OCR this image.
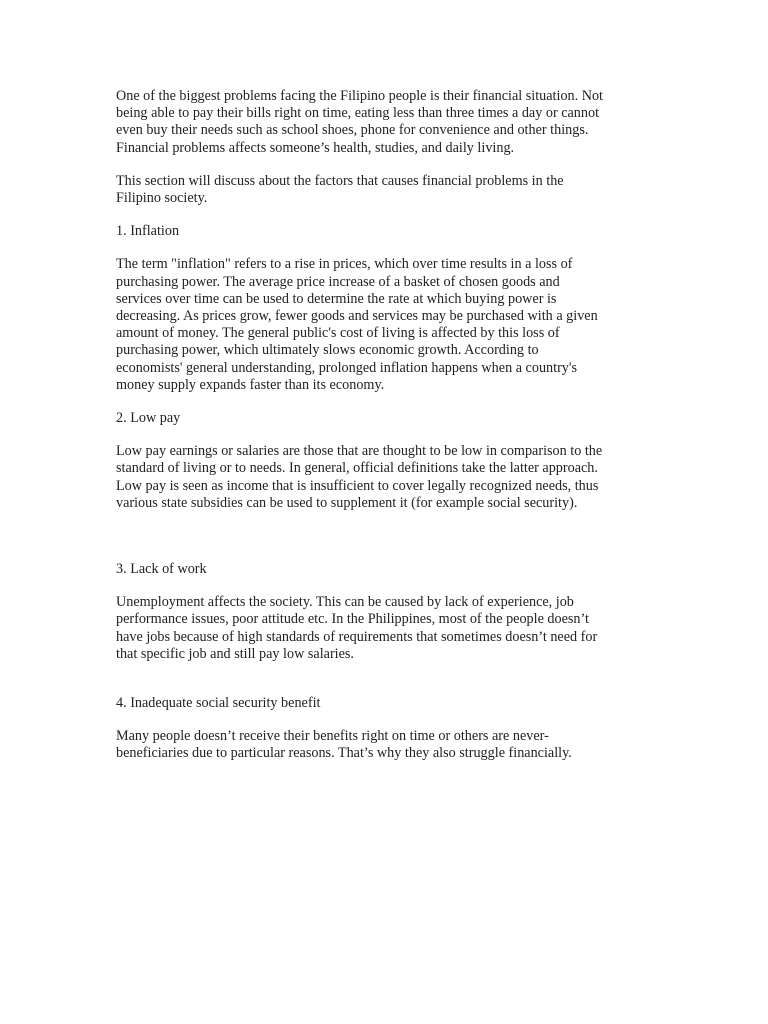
One of the biggest problems facing the Filipino people is their financial situation. Not
being able to pay their bills right on time, eating less than three times a day or cannot
even buy their needs such as school shoes, phone for convenience and other things.
Financial problems affects someone’s health, studies, and daily living.

This section will discuss about the factors that causes financial problems in the
Filipino society.

1. Inflation

The term "inflation" refers to a rise in prices, which over time results in a loss of
purchasing power. The average price increase of a basket of chosen goods and
services over time can be used to determine the rate at which buying power is
decreasing. As prices grow, fewer goods and services may be purchased with a given
amount of money. The general public's cost of living is affected by this loss of
purchasing power, which ultimately slows economic growth. According to
economists' general understanding, prolonged inflation happens when a country's
money supply expands faster than its economy.

2. Low pay

Low pay earnings or salaries are those that are thought to be low in comparison to the
standard of living or to needs. In general, official definitions take the latter approach.
Low pay is seen as income that is insufficient to cover legally recognized needs, thus
various state subsidies can be used to supplement it (for example social security).

3. Lack of work

Unemployment affects the society. This can be caused by lack of experience, job
performance issues, poor attitude etc. In the Philippines, most of the people doesn’t
have jobs because of high standards of requirements that sometimes doesn’t need for
that specific job and still pay low salaries.

4. Inadequate social security benefit

Many people doesn’t receive their benefits right on time or others are never-
beneficiaries due to particular reasons. That’s why they also struggle financially.
